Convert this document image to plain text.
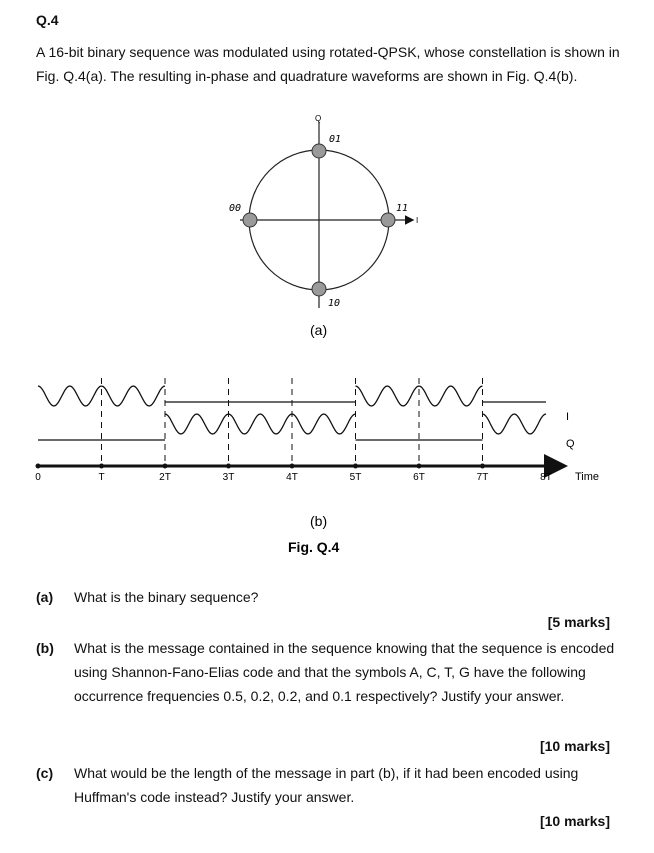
Q.4
A 16-bit binary sequence was modulated using rotated-QPSK, whose constellation is shown in Fig. Q.4(a). The resulting in-phase and quadrature waveforms are shown in Fig. Q.4(b).
Q
I
01
00	11
10
(a)
Time
I
Q
(b)
Fig. Q.4
0	T	2T	3T	4T	5T	6T	7T	8T
(a) What is the binary sequence?
[5 marks]
(b) What is the message contained in the sequence knowing that the sequence is encoded using Shannon-Fano-Elias code and that the symbols A, C, T, G have the following occurrence frequencies 0.5, 0.2, 0.2, and 0.1 respectively? Justify your answer.
[10 marks]
(c) What would be the length of the message in part (b), if it had been encoded using Huffman's code instead? Justify your answer.
[10 marks]
